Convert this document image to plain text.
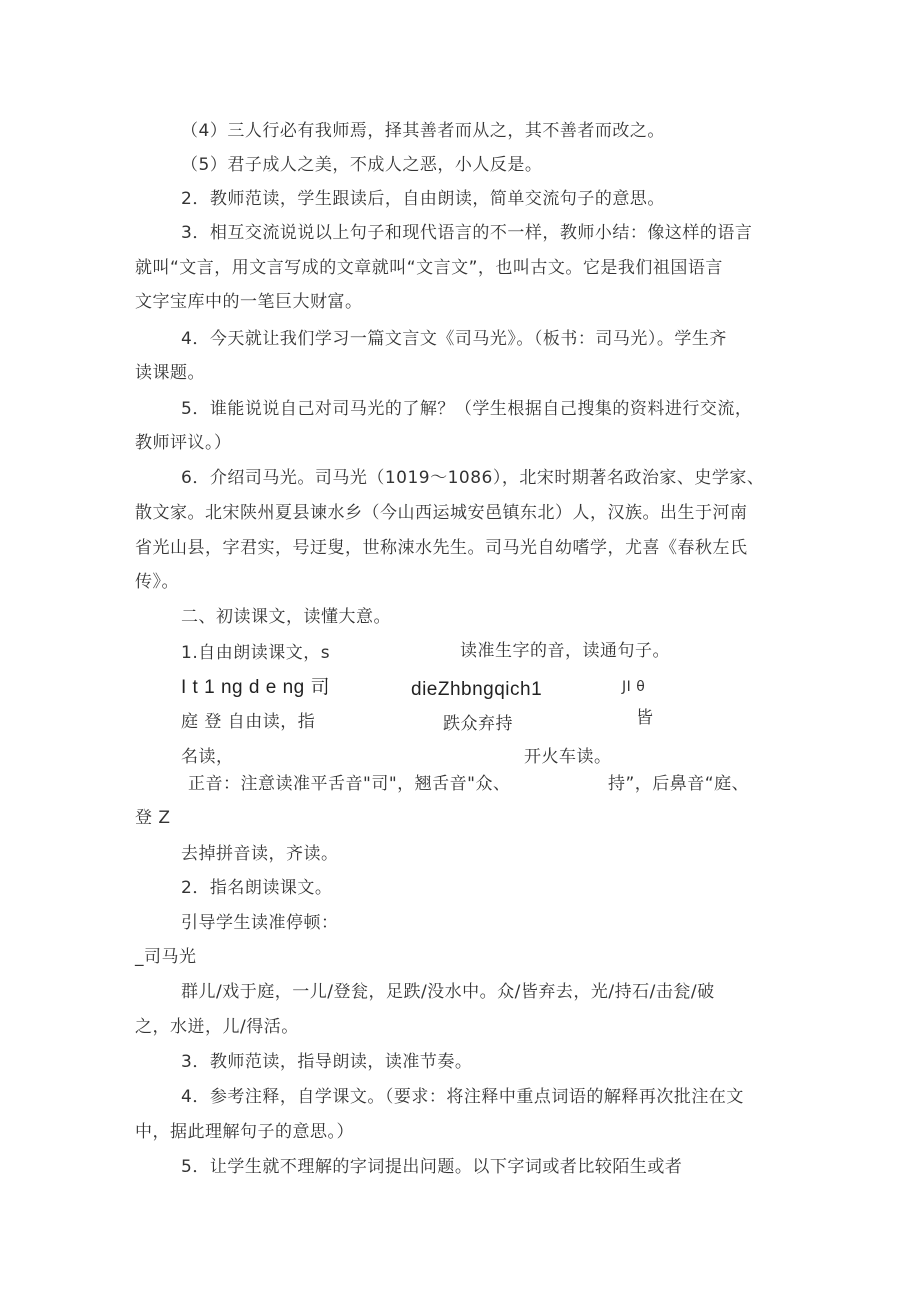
（4）三人行必有我师焉，择其善者而从之，其不善者而改之。
（5）君子成人之美，不成人之恶，小人反是。
2．教师范读，学生跟读后，自由朗读，简单交流句子的意思。
3．相互交流说说以上句子和现代语言的不一样，教师小结：像这样的语言
就叫“文言，用文言写成的文章就叫“文言文”，也叫古文。它是我们祖国语言
文字宝库中的一笔巨大财富。
4．今天就让我们学习一篇文言文《司马光》。（板书：司马光）。学生齐
读课题。
5．谁能说说自己对司马光的了解？（学生根据自己搜集的资料进行交流，
教师评议。）
6．介绍司马光。司马光（1019〜1086），北宋时期著名政治家、史学家、
散文家。北宋陕州夏县谏水乡（今山西运城安邑镇东北）人，汉族。出生于河南
省光山县，字君实，号迂叟，世称涑水先生。司马光自幼嗜学，尤喜《春秋左氏
传》。
二、初读课文，读懂大意。
1.自由朗读课文，s	读准生字的音，读通句子。
I t 1 ng d e ng 司	dieZhbngqich1	JI θ
庭 登 自由读，指	跌众弃持	皆
名读，	开火车读。
正音：注意读准平舌音"司"，翘舌音"众、	持”，后鼻音“庭、
登 Z
去掉拼音读，齐读。
2．指名朗读课文。
引导学生读准停顿：
_司马光
群儿/戏于庭，一儿/登瓮，足跌/没水中。众/皆弃去，光/持石/击瓮/破
之，水迸，儿/得活。
3．教师范读，指导朗读，读准节奏。
4．参考注释，自学课文。（要求：将注释中重点词语的解释再次批注在文
中，据此理解句子的意思。）
5．让学生就不理解的字词提出问题。以下字词或者比较陌生或者
